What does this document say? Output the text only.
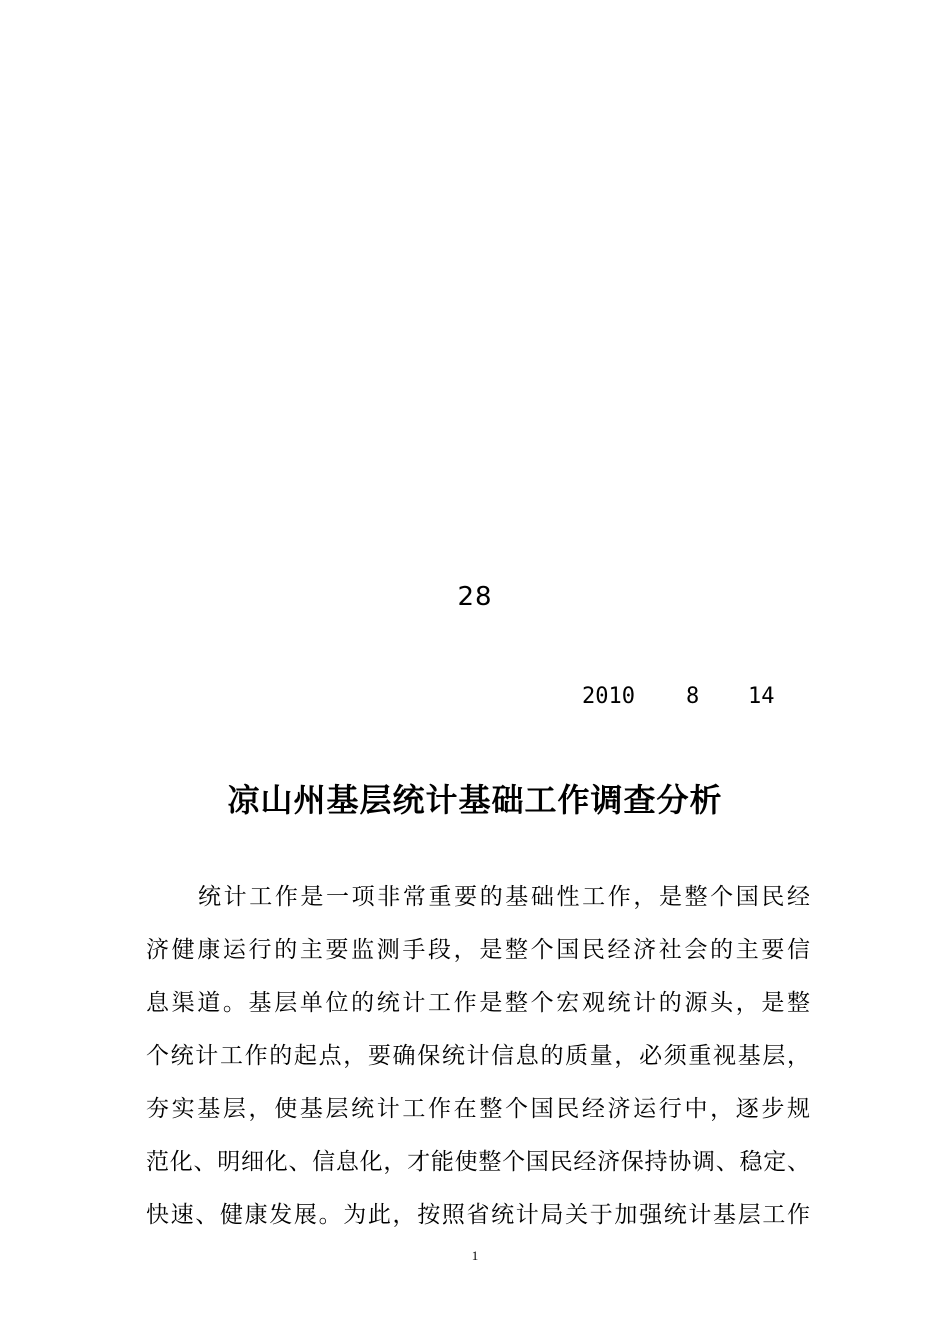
28
2010 8 14
凉山州基层统计基础工作调查分析
统计工作是一项非常重要的基础性工作，是整个国民经
济健康运行的主要监测手段，是整个国民经济社会的主要信
息渠道。基层单位的统计工作是整个宏观统计的源头，是整
个统计工作的起点，要确保统计信息的质量，必须重视基层，
夯实基层，使基层统计工作在整个国民经济运行中，逐步规
范化、明细化、信息化，才能使整个国民经济保持协调、稳定、
快速、健康发展。为此，按照省统计局关于加强统计基层工作
1
